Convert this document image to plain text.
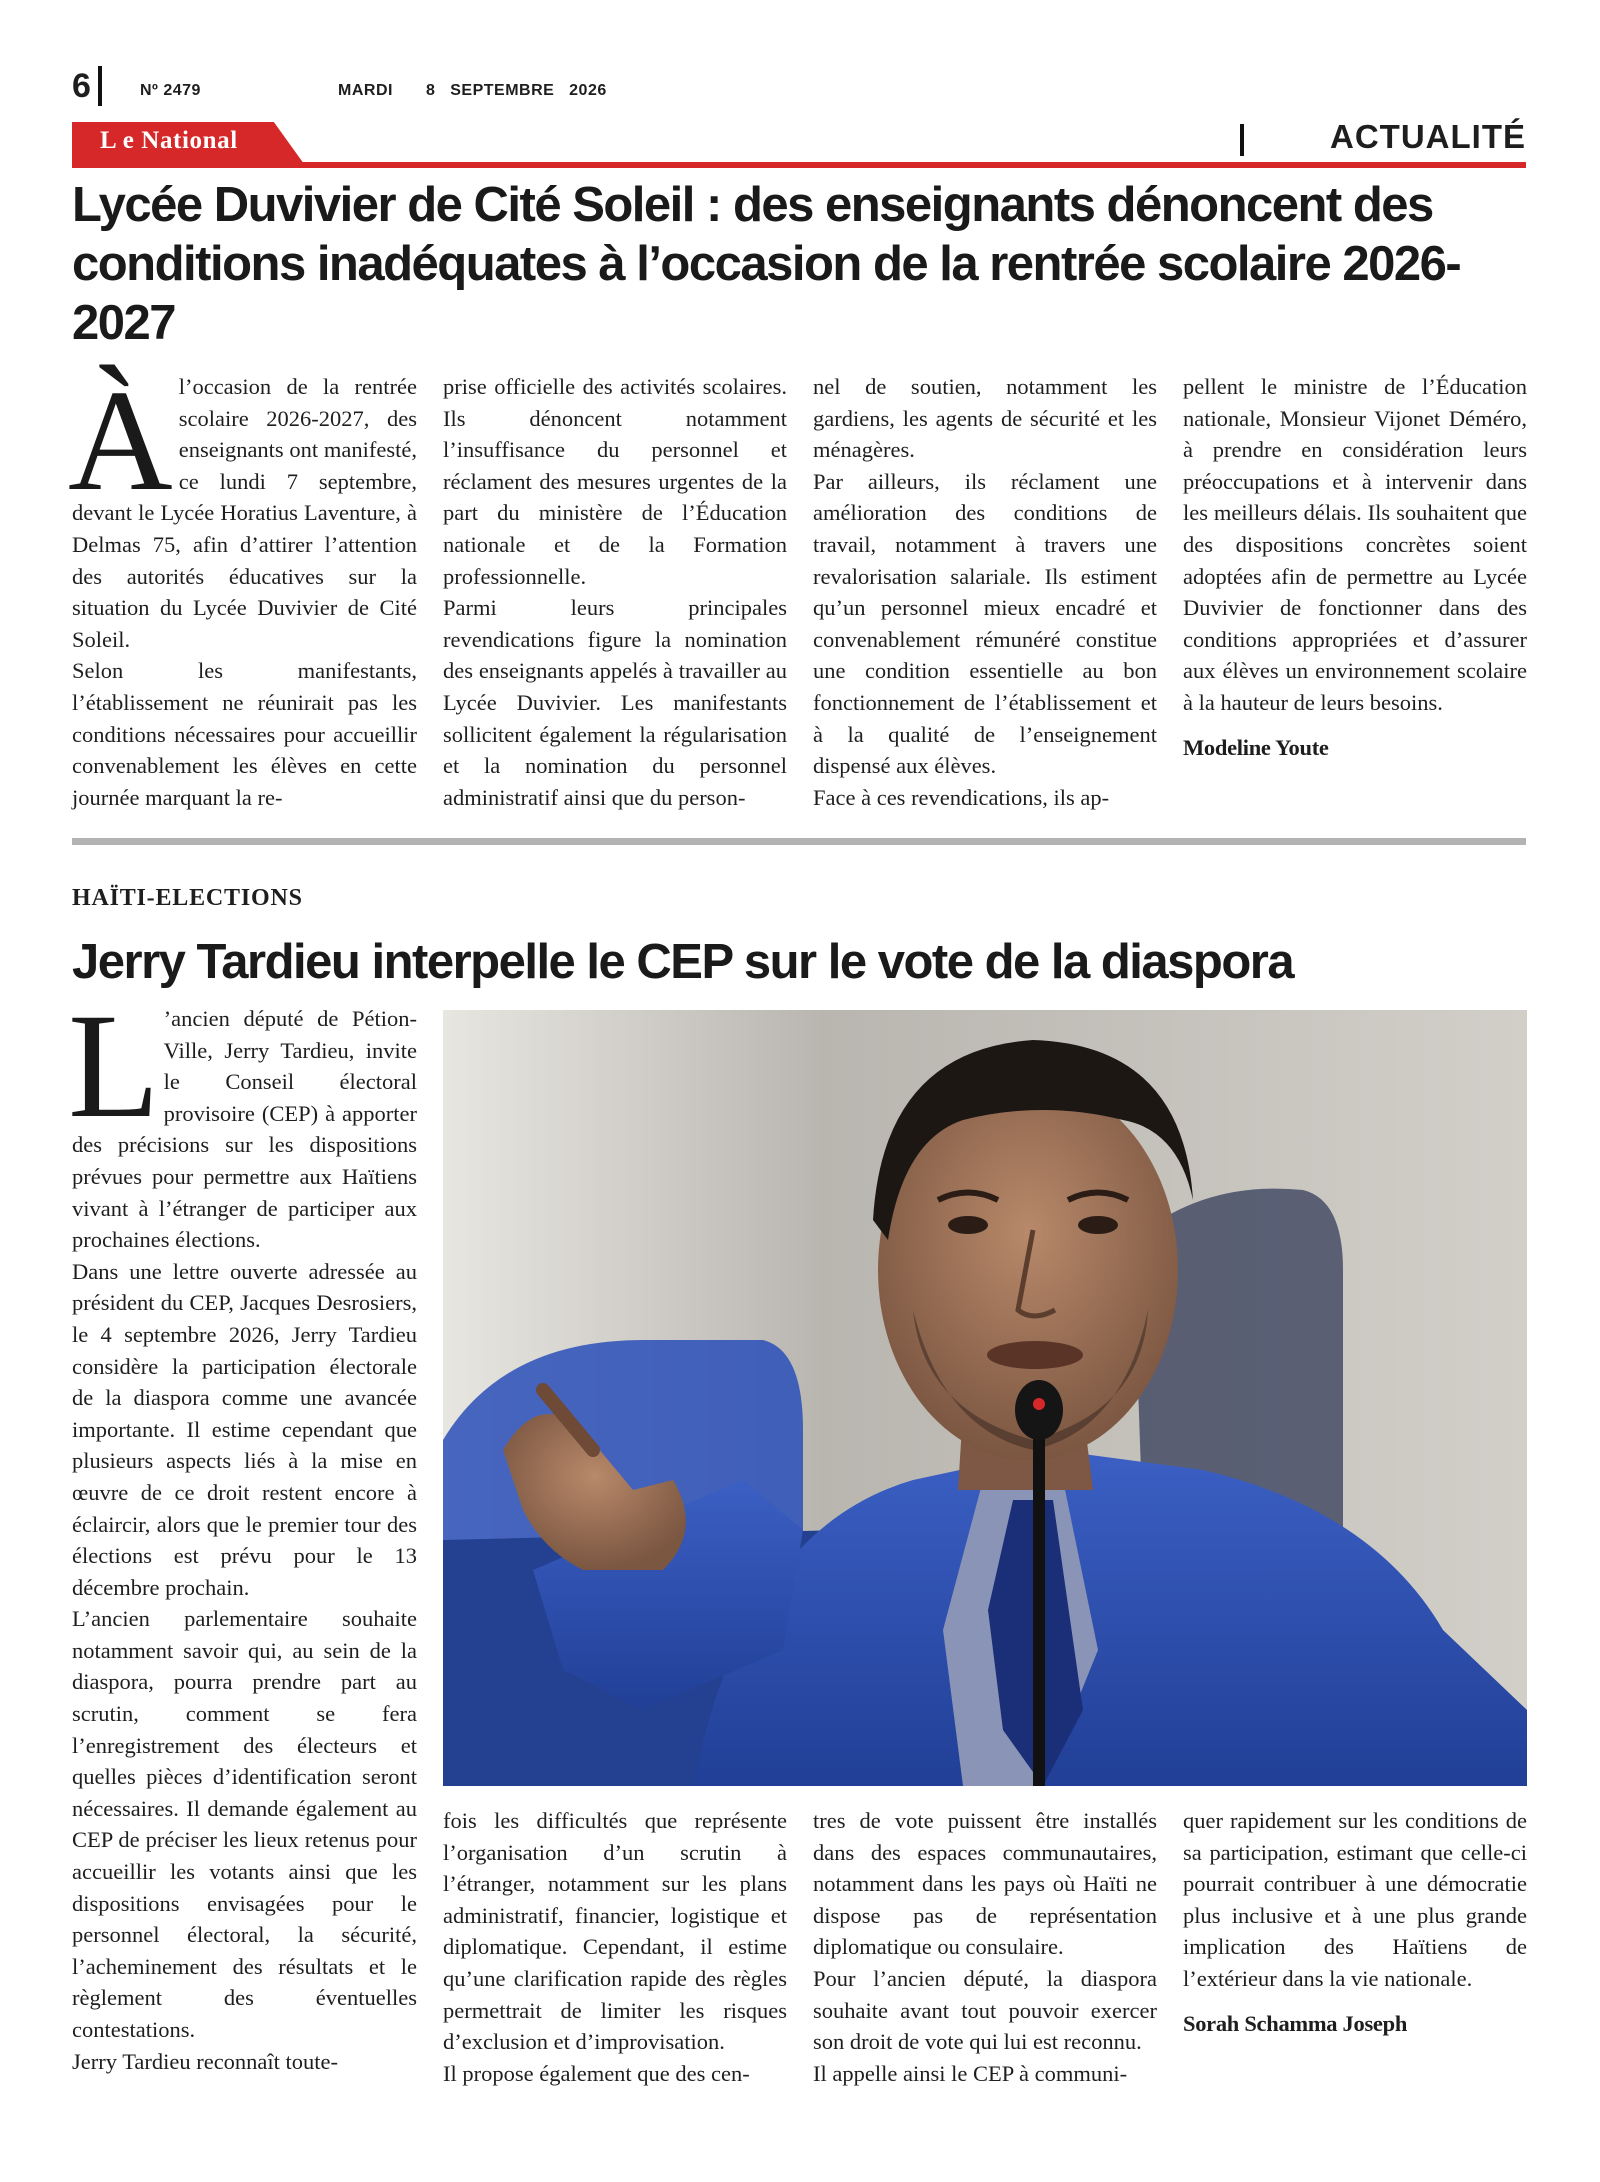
6	Nº 2479	MARDI 8   SEPTEMBRE   2026
L e National	ACTUALITÉ
Lycée Duvivier de Cité Soleil : des enseignants dénoncent des conditions inadéquates à l’occasion de la rentrée scolaire 2026-2027

Àl’occasion de la rentrée scolaire 2026-2027, des enseignants ont manifesté, ce lundi 7 septembre, devant le Lycée Horatius Laventure, à Delmas 75, afin d’attirer l’attention des autorités éducatives sur la situation du Lycée Duvivier de Cité Soleil.

Selon les manifestants, l’établissement ne réunirait pas les conditions nécessaires pour accueillir convenablement les élèves en cette journée marquant la re-

prise officielle des activités scolaires. Ils dénoncent notamment l’insuffisance du personnel et réclament des mesures urgentes de la part du ministère de l’Éducation nationale et de la Formation professionnelle.

Parmi leurs principales revendications figure la nomination des enseignants appelés à travailler au Lycée Duvivier. Les manifestants sollicitent également la régularisation et la nomination du personnel administratif ainsi que du person-

nel de soutien, notamment les gardiens, les agents de sécurité et les ménagères.

Par ailleurs, ils réclament une amélioration des conditions de travail, notamment à travers une revalorisation salariale. Ils estiment qu’un personnel mieux encadré et convenablement rémunéré constitue une condition essentielle au bon fonctionnement de l’établissement et à la qualité de l’enseignement dispensé aux élèves.

Face à ces revendications, ils ap-

pellent le ministre de l’Éducation nationale, Monsieur Vijonet Déméro, à prendre en considération leurs préoccupations et à intervenir dans les meilleurs délais. Ils souhaitent que des dispositions concrètes soient adoptées afin de permettre au Lycée Duvivier de fonctionner dans des conditions appropriées et d’assurer aux élèves un environnement scolaire à la hauteur de leurs besoins.

Modeline Youte

HAÏTI-ELECTIONS
Jerry Tardieu interpelle le CEP sur le vote de la diaspora

L ’ancien député de Pétion-Ville, Jerry Tardieu, invite le Conseil électoral provisoire (CEP) à apporter des précisions sur les dispositions prévues pour permettre aux Haïtiens vivant à l’étranger de participer aux prochaines élections.

Dans une lettre ouverte adressée au président du CEP, Jacques Desrosiers, le 4 septembre 2026, Jerry Tardieu considère la participation électorale de la diaspora comme une avancée importante. Il estime cependant que plusieurs aspects liés à la mise en œuvre de ce droit restent encore à éclaircir, alors que le premier tour des élections est prévu pour le 13 décembre prochain.

L’ancien parlementaire souhaite notamment savoir qui, au sein de la diaspora, pourra prendre part au scrutin, comment se fera l’enregistrement des électeurs et quelles pièces d’identification seront nécessaires. Il demande également au CEP de préciser les lieux retenus pour accueillir les votants ainsi que les dispositions envisagées pour le personnel électoral, la sécurité, l’acheminement des résultats et le règlement des éventuelles contestations.

Jerry Tardieu reconnaît toute-

fois les difficultés que représente l’organisation d’un scrutin à l’étranger, notamment sur les plans administratif, financier, logistique et diplomatique. Cependant, il estime qu’une clarification rapide des règles permettrait de limiter les risques d’exclusion et d’improvisation.

Il propose également que des cen-

tres de vote puissent être installés dans des espaces communautaires, notamment dans les pays où Haïti ne dispose pas de représentation diplomatique ou consulaire.

Pour l’ancien député, la diaspora souhaite avant tout pouvoir exercer son droit de vote qui lui est reconnu.

Il appelle ainsi le CEP à communi-

quer rapidement sur les conditions de sa participation, estimant que celle-ci pourrait contribuer à une démocratie plus inclusive et à une plus grande implication des Haïtiens de l’extérieur dans la vie nationale.

Sorah Schamma Joseph
